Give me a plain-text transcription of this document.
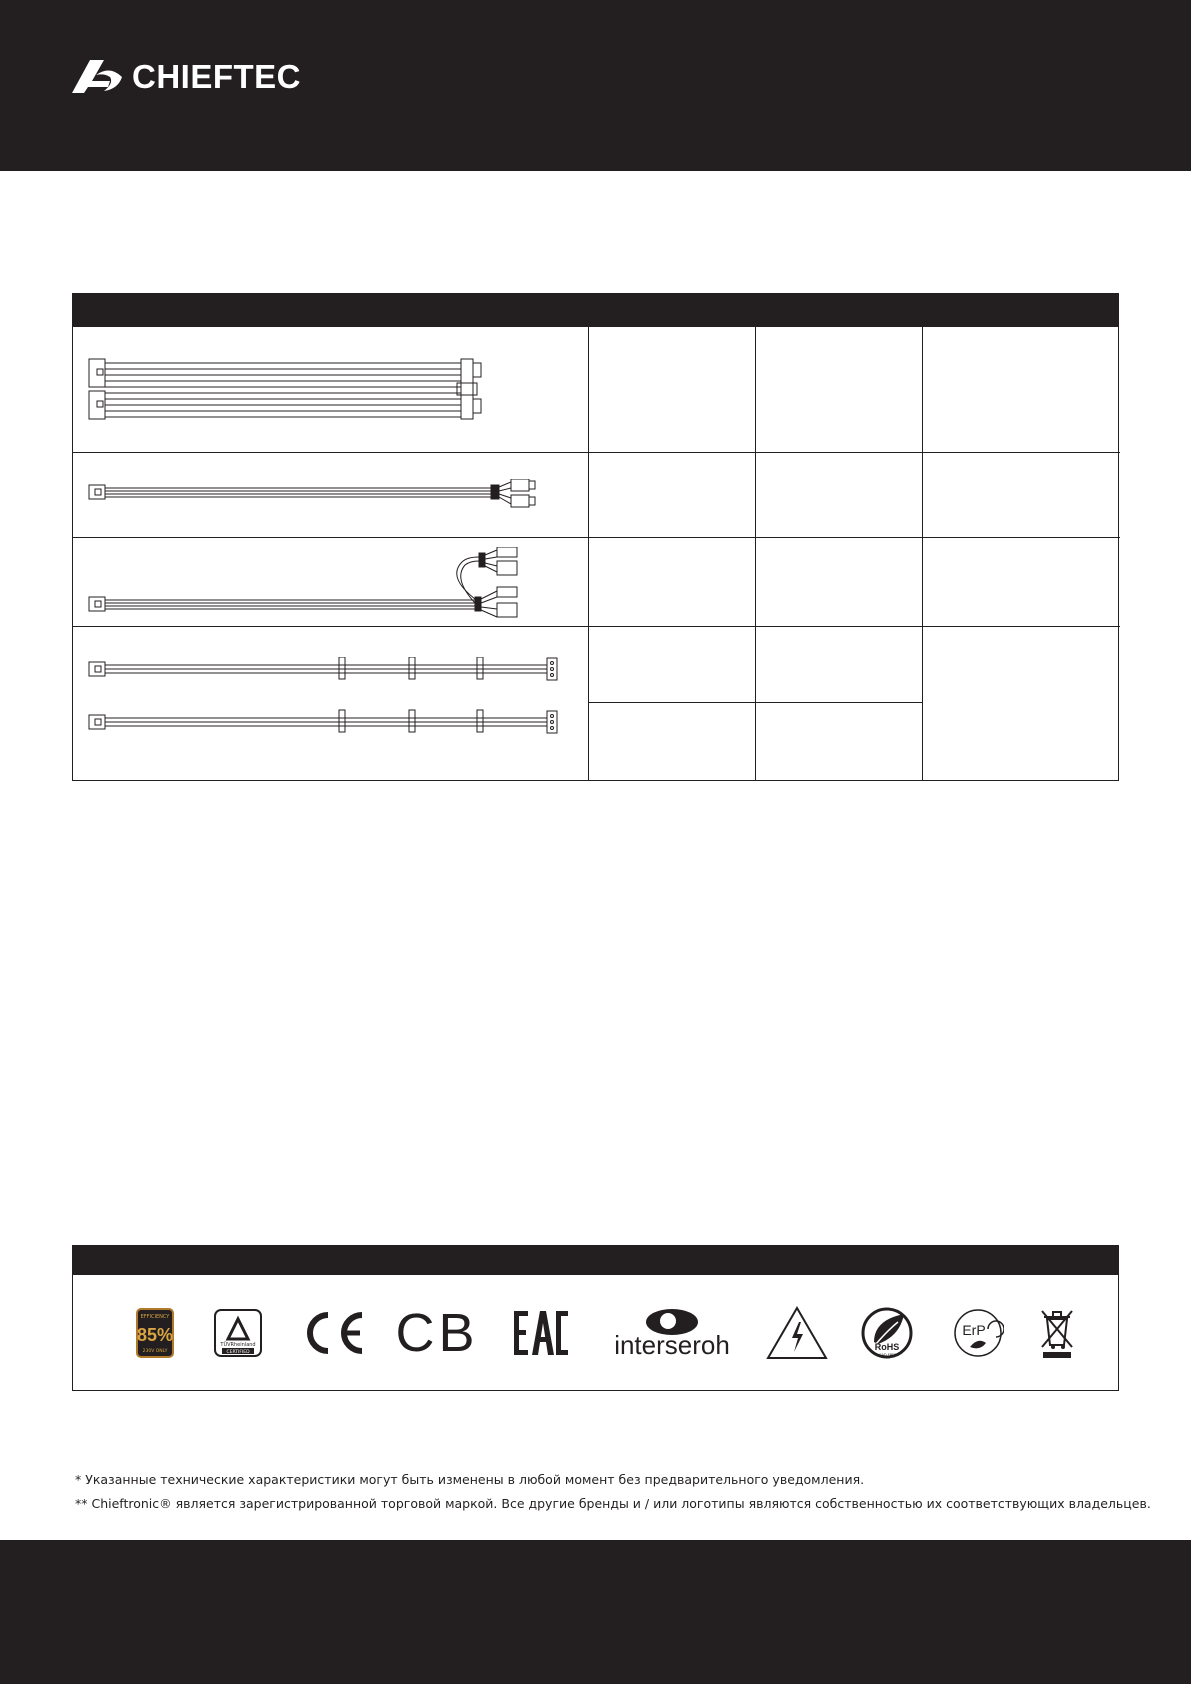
CHIEFTEC
EFFICIENCY
85%
230V ONLY
TÜVRheinland
CERTIFIED	CB	interseroh	RoHS
LEAD FREE
ErP
* Указанные технические характеристики могут быть изменены в любой момент без предварительного уведомления.
** Chieftronic® является зарегистрированной торговой маркой. Все другие бренды и / или логотипы являются собственностью их соответствующих владельцев.
